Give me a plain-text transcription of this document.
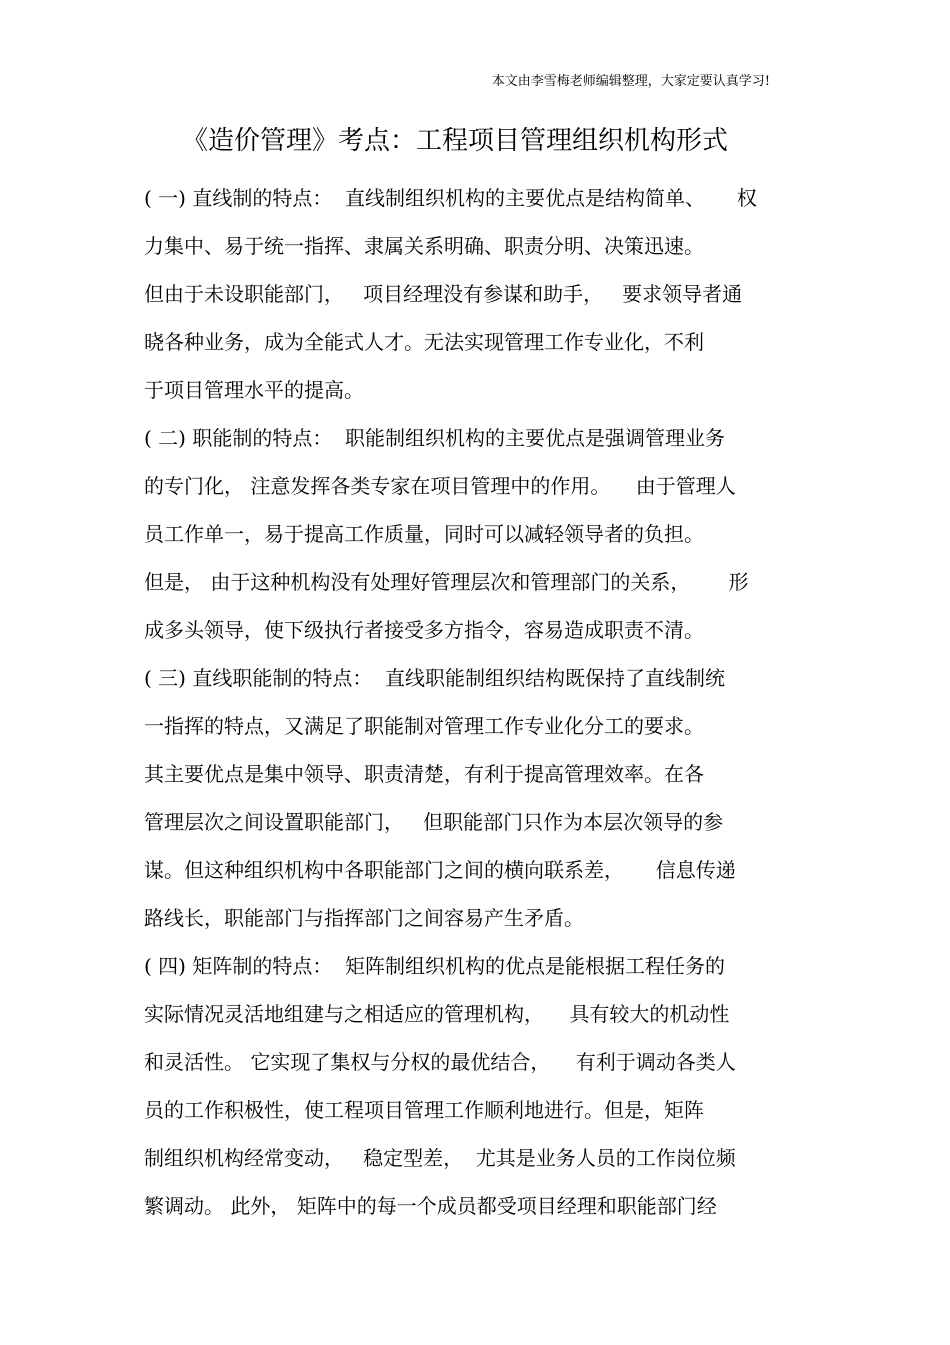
本文由李雪梅老师编辑整理，大家定要认真学习!
《造价管理》考点：工程项目管理组织机构形式
( 一) 直线制的特点：  直线制组织机构的主要优点是结构简单、     权
力集中、易于统一指挥、隶属关系明确、职责分明、决策迅速。
但由于未设职能部门，   项目经理没有参谋和助手，   要求领导者通
晓各种业务，成为全能式人才。无法实现管理工作专业化，不利
于项目管理水平的提高。
( 二) 职能制的特点：  职能制组织机构的主要优点是强调管理业务
的专门化， 注意发挥各类专家在项目管理中的作用。    由于管理人
员工作单一，易于提高工作质量，同时可以减轻领导者的负担。
但是， 由于这种机构没有处理好管理层次和管理部门的关系，      形
成多头领导，使下级执行者接受多方指令，容易造成职责不清。
( 三) 直线职能制的特点：  直线职能制组织结构既保持了直线制统
一指挥的特点，又满足了职能制对管理工作专业化分工的要求。
其主要优点是集中领导、职责清楚，有利于提高管理效率。在各
管理层次之间设置职能部门，   但职能部门只作为本层次领导的参
谋。但这种组织机构中各职能部门之间的横向联系差，     信息传递
路线长，职能部门与指挥部门之间容易产生矛盾。
( 四) 矩阵制的特点：  矩阵制组织机构的优点是能根据工程任务的
实际情况灵活地组建与之相适应的管理机构，    具有较大的机动性
和灵活性。 它实现了集权与分权的最优结合，    有利于调动各类人
员的工作积极性，使工程项目管理工作顺利地进行。但是，矩阵
制组织机构经常变动，   稳定型差，  尤其是业务人员的工作岗位频
繁调动。 此外， 矩阵中的每一个成员都受项目经理和职能部门经
